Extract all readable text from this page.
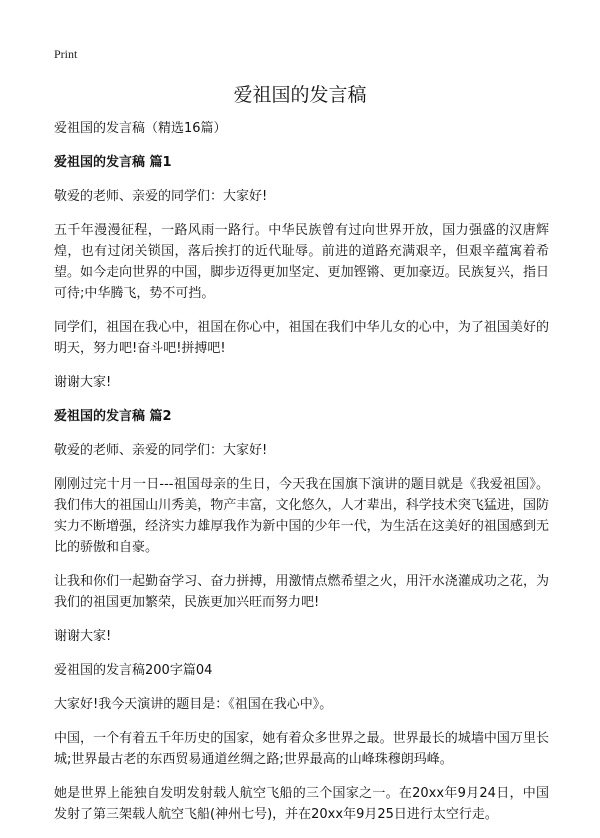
Print
爱祖国的发言稿

爱祖国的发言稿（精选16篇）

爱祖国的发言稿 篇1

敬爱的老师、亲爱的同学们：大家好!

五千年漫漫征程，一路风雨一路行。中华民族曾有过向世界开放，国力强盛的汉唐辉煌，也有过闭关锁国，落后挨打的近代耻辱。前进的道路充满艰辛，但艰辛蕴寓着希望。如今走向世界的中国，脚步迈得更加坚定、更加铿锵、更加豪迈。民族复兴，指日可待;中华腾飞，势不可挡。

同学们，祖国在我心中，祖国在你心中，祖国在我们中华儿女的心中，为了祖国美好的明天，努力吧!奋斗吧!拼搏吧!

谢谢大家!

爱祖国的发言稿 篇2

敬爱的老师、亲爱的同学们：大家好!

刚刚过完十月一日---祖国母亲的生日，今天我在国旗下演讲的题目就是《我爱祖国》。我们伟大的祖国山川秀美，物产丰富，文化悠久，人才辈出，科学技术突飞猛进，国防实力不断增强，经济实力雄厚我作为新中国的少年一代，为生活在这美好的祖国感到无比的骄傲和自豪。

让我和你们一起勤奋学习、奋力拼搏，用激情点燃希望之火，用汗水浇灌成功之花，为我们的祖国更加繁荣，民族更加兴旺而努力吧!

谢谢大家!

爱祖国的发言稿200字篇04

大家好!我今天演讲的题目是：《祖国在我心中》。

中国，一个有着五千年历史的国家，她有着众多世界之最。世界最长的城墙中国万里长城;世界最古老的东西贸易通道丝绸之路;世界最高的山峰珠穆朗玛峰。

她是世界上能独自发明发射载人航空飞船的三个国家之一。在20xx年9月24日，中国发射了第三架载人航空飞船(神州七号)，并在20xx年9月25日进行太空行走。
